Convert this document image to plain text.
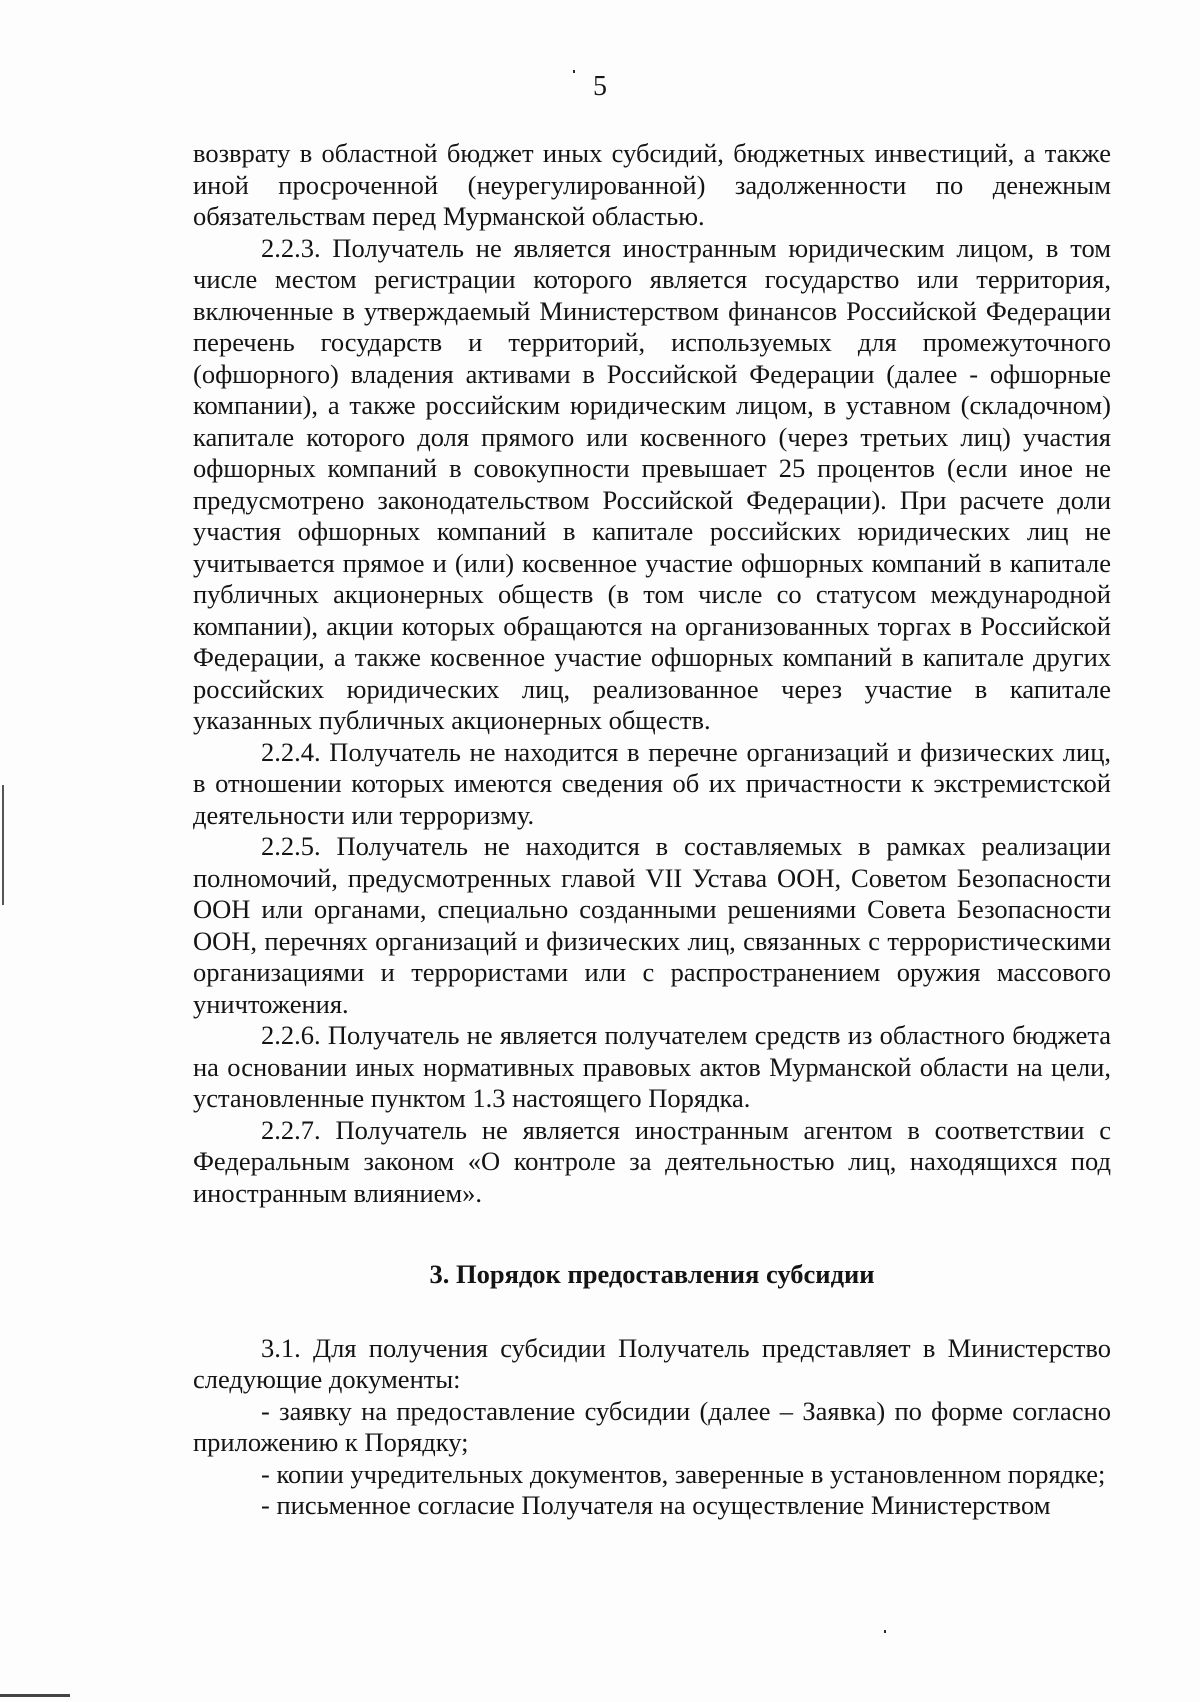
5

возврату в областной бюджет иных субсидий, бюджетных инвестиций, а также иной просроченной (неурегулированной) задолженности по денежным обязательствам перед Мурманской областью.

2.2.3. Получатель не является иностранным юридическим лицом, в том числе местом регистрации которого является государство или территория, включенные в утверждаемый Министерством финансов Российской Федерации перечень государств и территорий, используемых для промежуточного (офшорного) владения активами в Российской Федерации (далее - офшорные компании), а также российским юридическим лицом, в уставном (складочном) капитале которого доля прямого или косвенного (через третьих лиц) участия офшорных компаний в совокупности превышает 25 процентов (если иное не предусмотрено законодательством Российской Федерации). При расчете доли участия офшорных компаний в капитале российских юридических лиц не учитывается прямое и (или) косвенное участие офшорных компаний в капитале публичных акционерных обществ (в том числе со статусом международной компании), акции которых обращаются на организованных торгах в Российской Федерации, а также косвенное участие офшорных компаний в капитале других российских юридических лиц, реализованное через участие в капитале указанных публичных акционерных обществ.

2.2.4. Получатель не находится в перечне организаций и физических лиц, в отношении которых имеются сведения об их причастности к экстремистской деятельности или терроризму.

2.2.5. Получатель не находится в составляемых в рамках реализации полномочий, предусмотренных главой VII Устава ООН, Советом Безопасности ООН или органами, специально созданными решениями Совета Безопасности ООН, перечнях организаций и физических лиц, связанных с террористическими организациями и террористами или с распространением оружия массового уничтожения.

2.2.6. Получатель не является получателем средств из областного бюджета на основании иных нормативных правовых актов Мурманской области на цели, установленные пунктом 1.3 настоящего Порядка.

2.2.7. Получатель не является иностранным агентом в соответствии с Федеральным законом «О контроле за деятельностью лиц, находящихся под иностранным влиянием».

3. Порядок предоставления субсидии

3.1. Для получения субсидии Получатель представляет в Министерство следующие документы:

- заявку на предоставление субсидии (далее – Заявка) по форме согласно приложению к Порядку;

- копии учредительных документов, заверенные в установленном порядке;

- письменное согласие Получателя на осуществление Министерством
